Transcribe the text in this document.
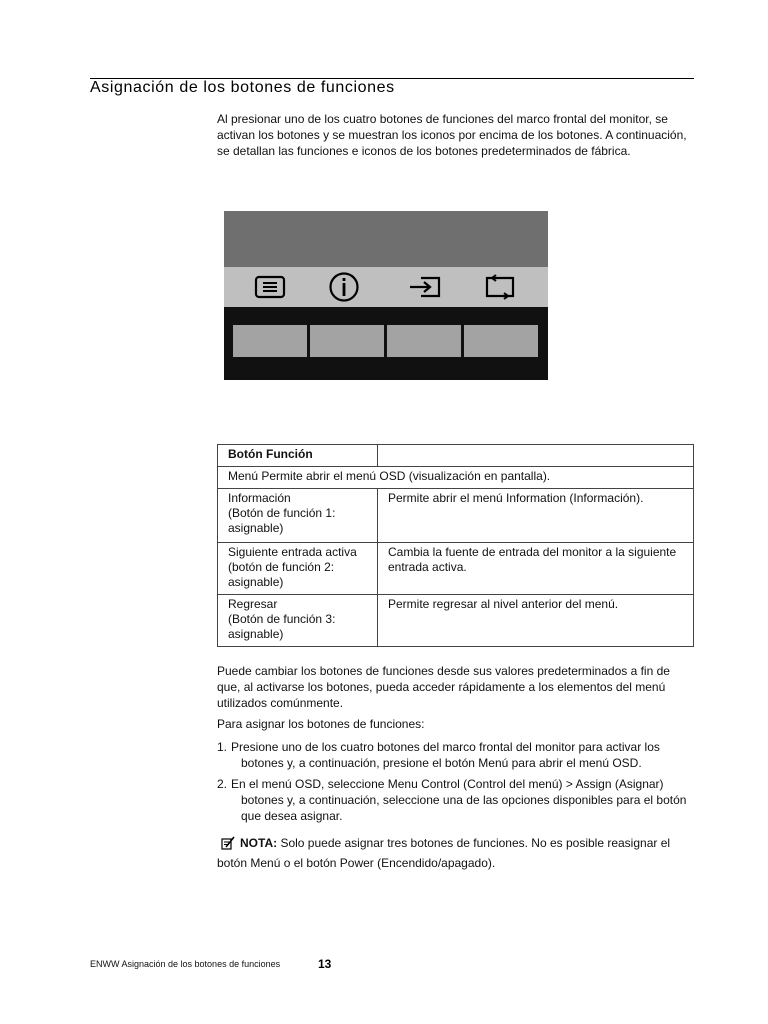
Asignación de los botones de funciones
Al presionar uno de los cuatro botones de funciones del marco frontal del monitor, se activan los botones y se muestran los iconos por encima de los botones. A continuación, se detallan las funciones e iconos de los botones predeterminados de fábrica.
Botón Función	
Menú Permite abrir el menú OSD (visualización en pantalla).	

Información
(Botón de función 1:
asignable)	Permite abrir el menú Information (Información).

Siguiente entrada activa
(botón de función 2:
asignable)	Cambia la fuente de entrada del monitor a la siguiente entrada activa.

Regresar
(Botón de función 3:
asignable)	Permite regresar al nivel anterior del menú.
Puede cambiar los botones de funciones desde sus valores predeterminados a fin de que, al activarse los botones, pueda acceder rápidamente a los elementos del menú utilizados comúnmente.
Para asignar los botones de funciones:
1. Presione uno de los cuatro botones del marco frontal del monitor para activar los
botones y, a continuación, presione el botón Menú para abrir el menú OSD.
2. En el menú OSD, seleccione Menu Control (Control del menú) > Assign (Asignar)
botones y, a continuación, seleccione una de las opciones disponibles para el botón que desea asignar.
NOTA: Solo puede asignar tres botones de funciones. No es posible reasignar el botón Menú o el botón Power (Encendido/apagado).
ENWW Asignación de los botones de funciones	13
